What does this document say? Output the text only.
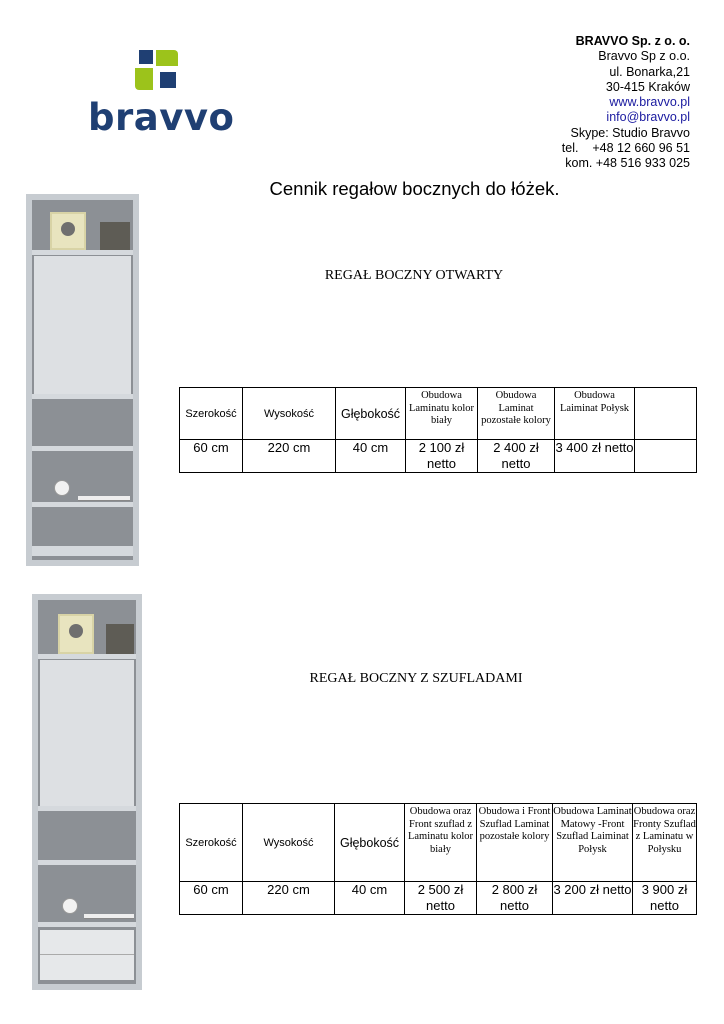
bravvo
BRAVVO Sp. z o. o.
Bravvo Sp z o.o.
ul. Bonarka,21
30-415 Kraków
www.bravvo.pl
info@bravvo.pl
Skype: Studio Bravvo
tel.    +48 12 660 96 51
kom. +48 516 933 025
Cennik regałow bocznych do łóżek.
REGAŁ BOCZNY OTWARTY
Szerokość	Wysokość	Głębokość	Obudowa Laminatu kolor biały	Obudowa Laminat pozostałe kolory	Obudowa Laiminat Połysk	
60 cm	220 cm	40 cm	2 100 zł netto	2 400 zł netto	3 400 zł netto	
REGAŁ BOCZNY Z SZUFLADAMI
Szerokość	Wysokość	Głębokość	Obudowa oraz Front szuflad z Laminatu kolor biały	Obudowa i Front Szuflad Laminat pozostałe kolory	Obudowa Laminat Matowy -Front Szuflad Laiminat Połysk	Obudowa oraz Fronty Szuflad z Laminatu w Połysku
60 cm	220 cm	40 cm	2 500 zł netto	2 800 zł netto	3 200 zł netto	3 900 zł netto
